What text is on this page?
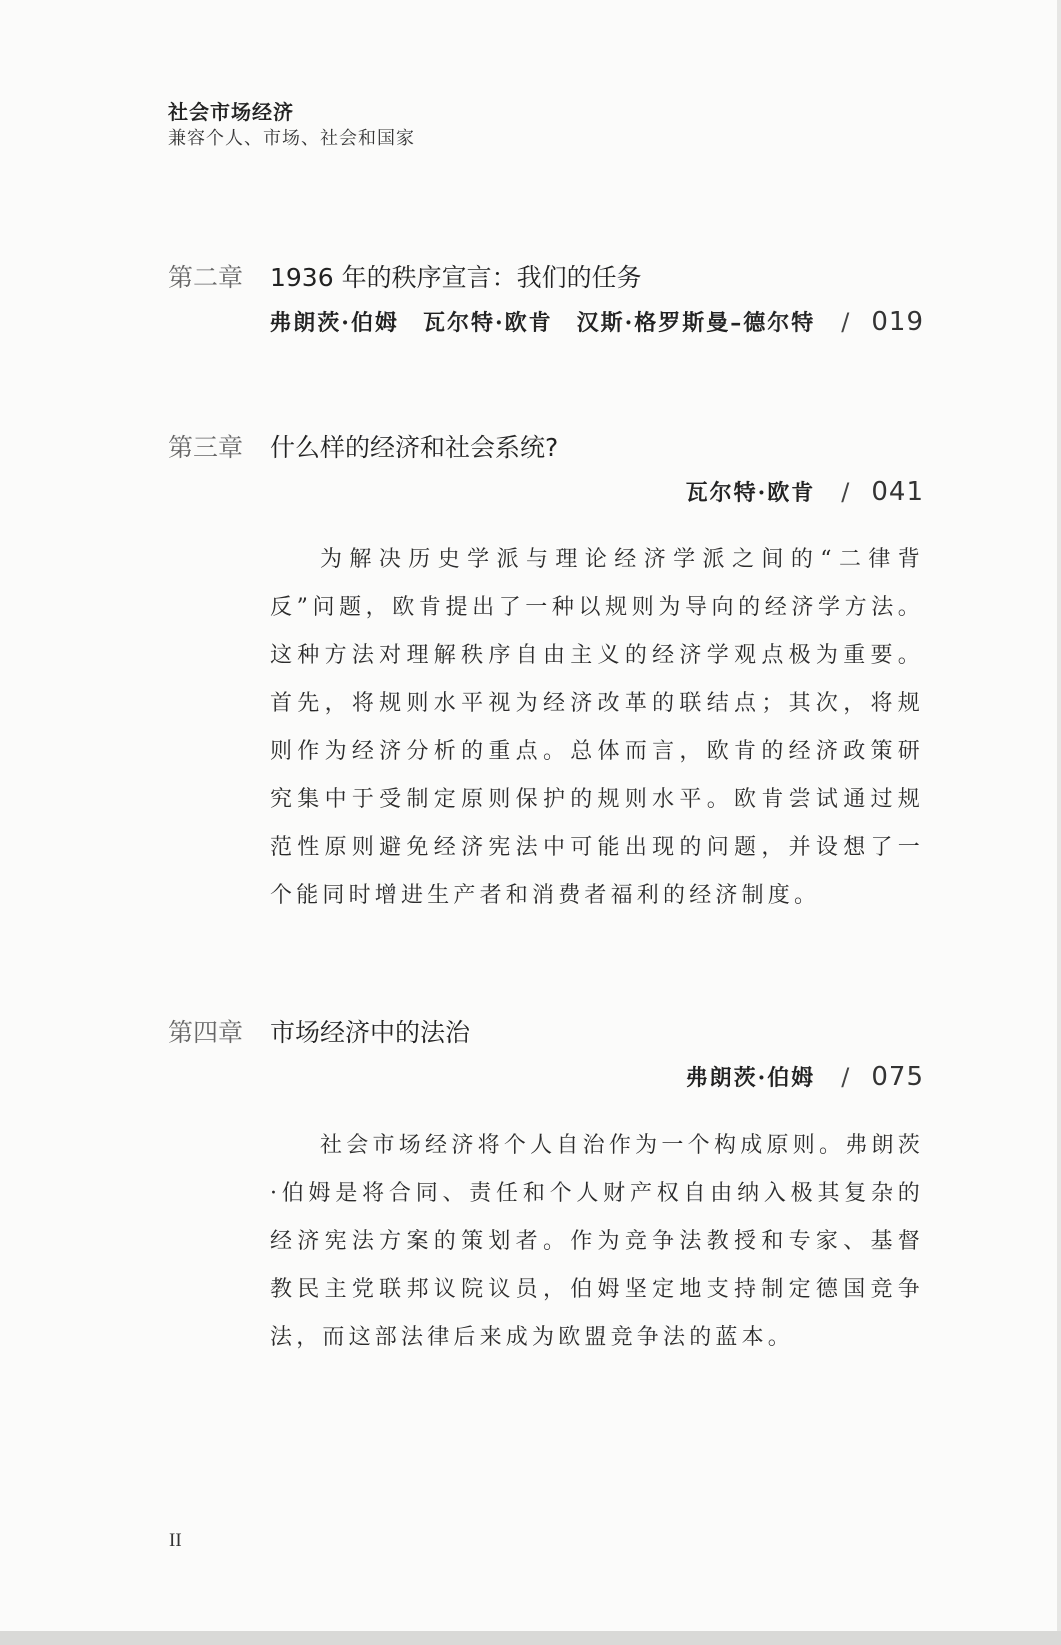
社会市场经济
兼容个人、市场、社会和国家
第二章	1936 年的秩序宣言：我们的任务
弗朗茨·伯姆　瓦尔特·欧肯　汉斯·格罗斯曼–德尔特 / 019
第三章	什么样的经济和社会系统?
瓦尔特·欧肯 / 041

为解决历史学派与理论经济学派之间的“二律背反”问题，欧肯提出了一种以规则为导向的经济学方法。这种方法对理解秩序自由主义的经济学观点极为重要。首先，将规则水平视为经济改革的联结点；其次，将规则作为经济分析的重点。总体而言，欧肯的经济政策研究集中于受制定原则保护的规则水平。欧肯尝试通过规范性原则避免经济宪法中可能出现的问题，并设想了一个能同时增进生产者和消费者福利的经济制度。

第四章	市场经济中的法治
弗朗茨·伯姆 / 075

社会市场经济将个人自治作为一个构成原则。弗朗茨·伯姆是将合同、责任和个人财产权自由纳入极其复杂的经济宪法方案的策划者。作为竞争法教授和专家、基督教民主党联邦议院议员，伯姆坚定地支持制定德国竞争法，而这部法律后来成为欧盟竞争法的蓝本。

II
